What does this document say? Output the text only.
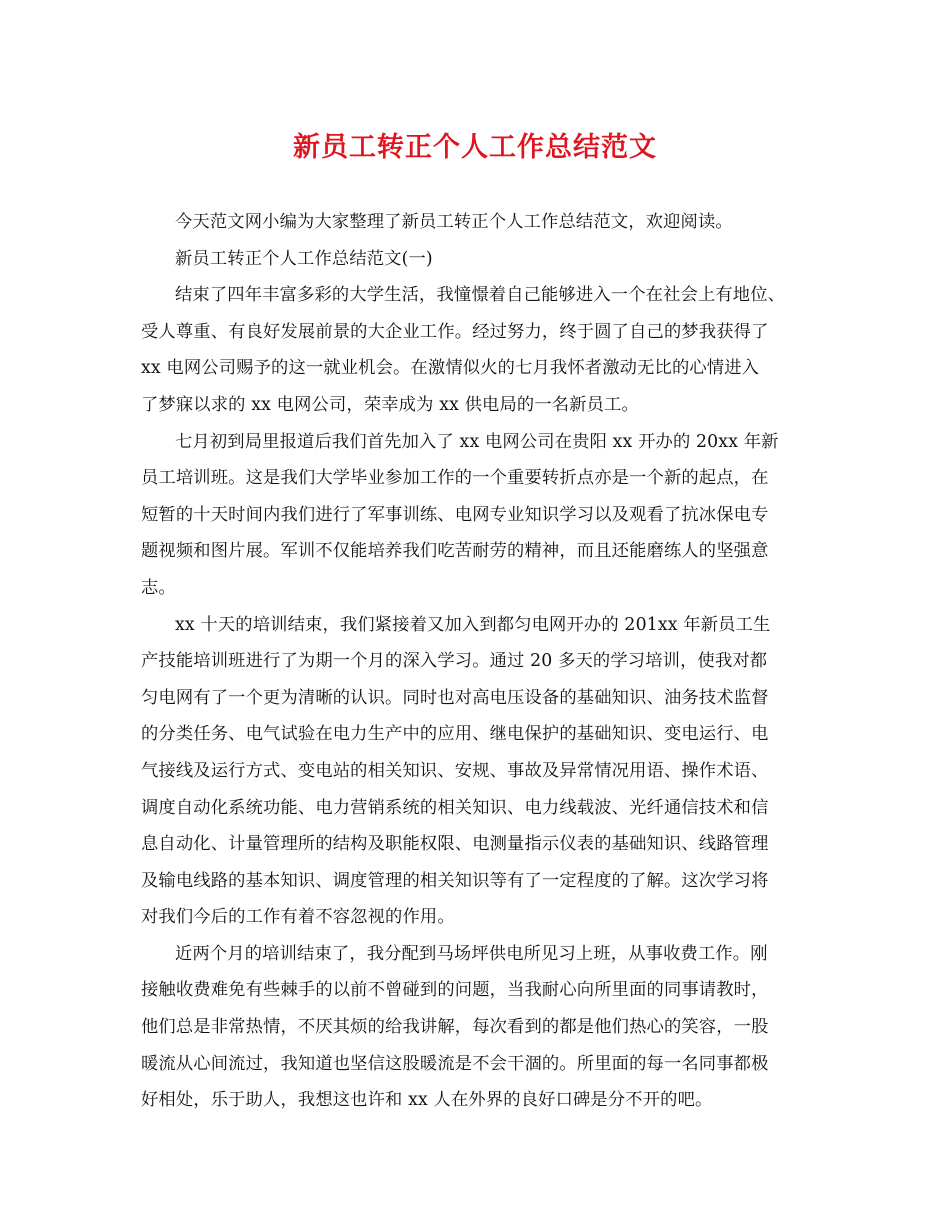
新员工转正个人工作总结范文
今天范文网小编为大家整理了新员工转正个人工作总结范文，欢迎阅读。
新员工转正个人工作总结范文(一)
结束了四年丰富多彩的大学生活，我憧憬着自己能够进入一个在社会上有地位、
受人尊重、有良好发展前景的大企业工作。经过努力，终于圆了自己的梦我获得了
xx 电网公司赐予的这一就业机会。在激情似火的七月我怀者激动无比的心情进入
了梦寐以求的 xx 电网公司，荣幸成为 xx 供电局的一名新员工。
七月初到局里报道后我们首先加入了 xx 电网公司在贵阳 xx 开办的 20xx 年新
员工培训班。这是我们大学毕业参加工作的一个重要转折点亦是一个新的起点，在
短暂的十天时间内我们进行了军事训练、电网专业知识学习以及观看了抗冰保电专
题视频和图片展。军训不仅能培养我们吃苦耐劳的精神，而且还能磨练人的坚强意
志。
xx 十天的培训结束，我们紧接着又加入到都匀电网开办的 201xx 年新员工生
产技能培训班进行了为期一个月的深入学习。通过 20 多天的学习培训，使我对都
匀电网有了一个更为清晰的认识。同时也对高电压设备的基础知识、油务技术监督
的分类任务、电气试验在电力生产中的应用、继电保护的基础知识、变电运行、电
气接线及运行方式、变电站的相关知识、安规、事故及异常情况用语、操作术语、
调度自动化系统功能、电力营销系统的相关知识、电力线载波、光纤通信技术和信
息自动化、计量管理所的结构及职能权限、电测量指示仪表的基础知识、线路管理
及输电线路的基本知识、调度管理的相关知识等有了一定程度的了解。这次学习将
对我们今后的工作有着不容忽视的作用。
近两个月的培训结束了，我分配到马场坪供电所见习上班，从事收费工作。刚
接触收费难免有些棘手的以前不曾碰到的问题，当我耐心向所里面的同事请教时，
他们总是非常热情，不厌其烦的给我讲解，每次看到的都是他们热心的笑容，一股
暖流从心间流过，我知道也坚信这股暖流是不会干涸的。所里面的每一名同事都极
好相处，乐于助人，我想这也许和 xx 人在外界的良好口碑是分不开的吧。
